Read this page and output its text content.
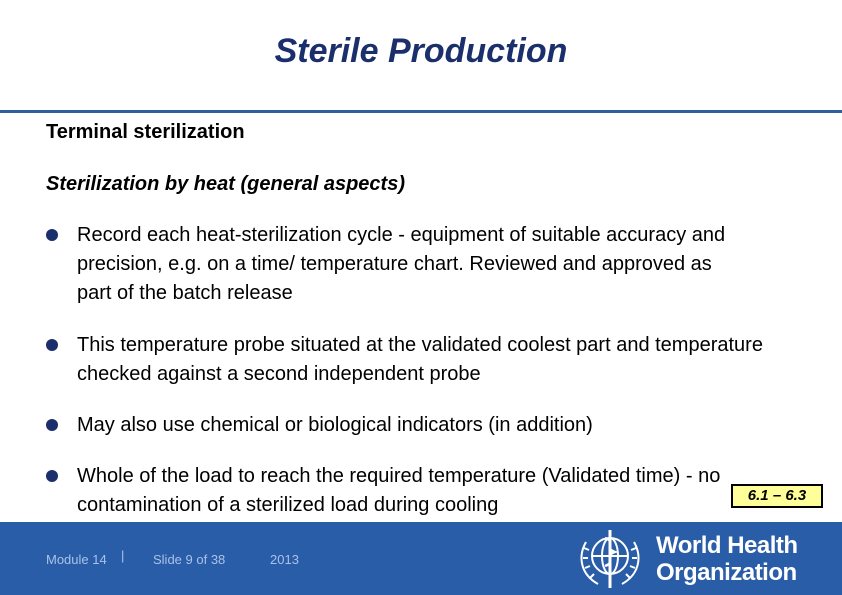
Sterile Production
Terminal sterilization
Sterilization by heat (general aspects)
Record each heat-sterilization cycle - equipment of suitable accuracy and precision, e.g. on a time/ temperature chart. Reviewed and approved as part of the batch release
This temperature probe situated at the validated coolest part and temperature checked against a second independent probe
May also use chemical or biological indicators (in addition)
Whole of the load to reach the required temperature (Validated time) - no contamination of a sterilized load during cooling	6.1 – 6.3
Module 14 | Slide 9 of 38	2013
World Health
Organization
